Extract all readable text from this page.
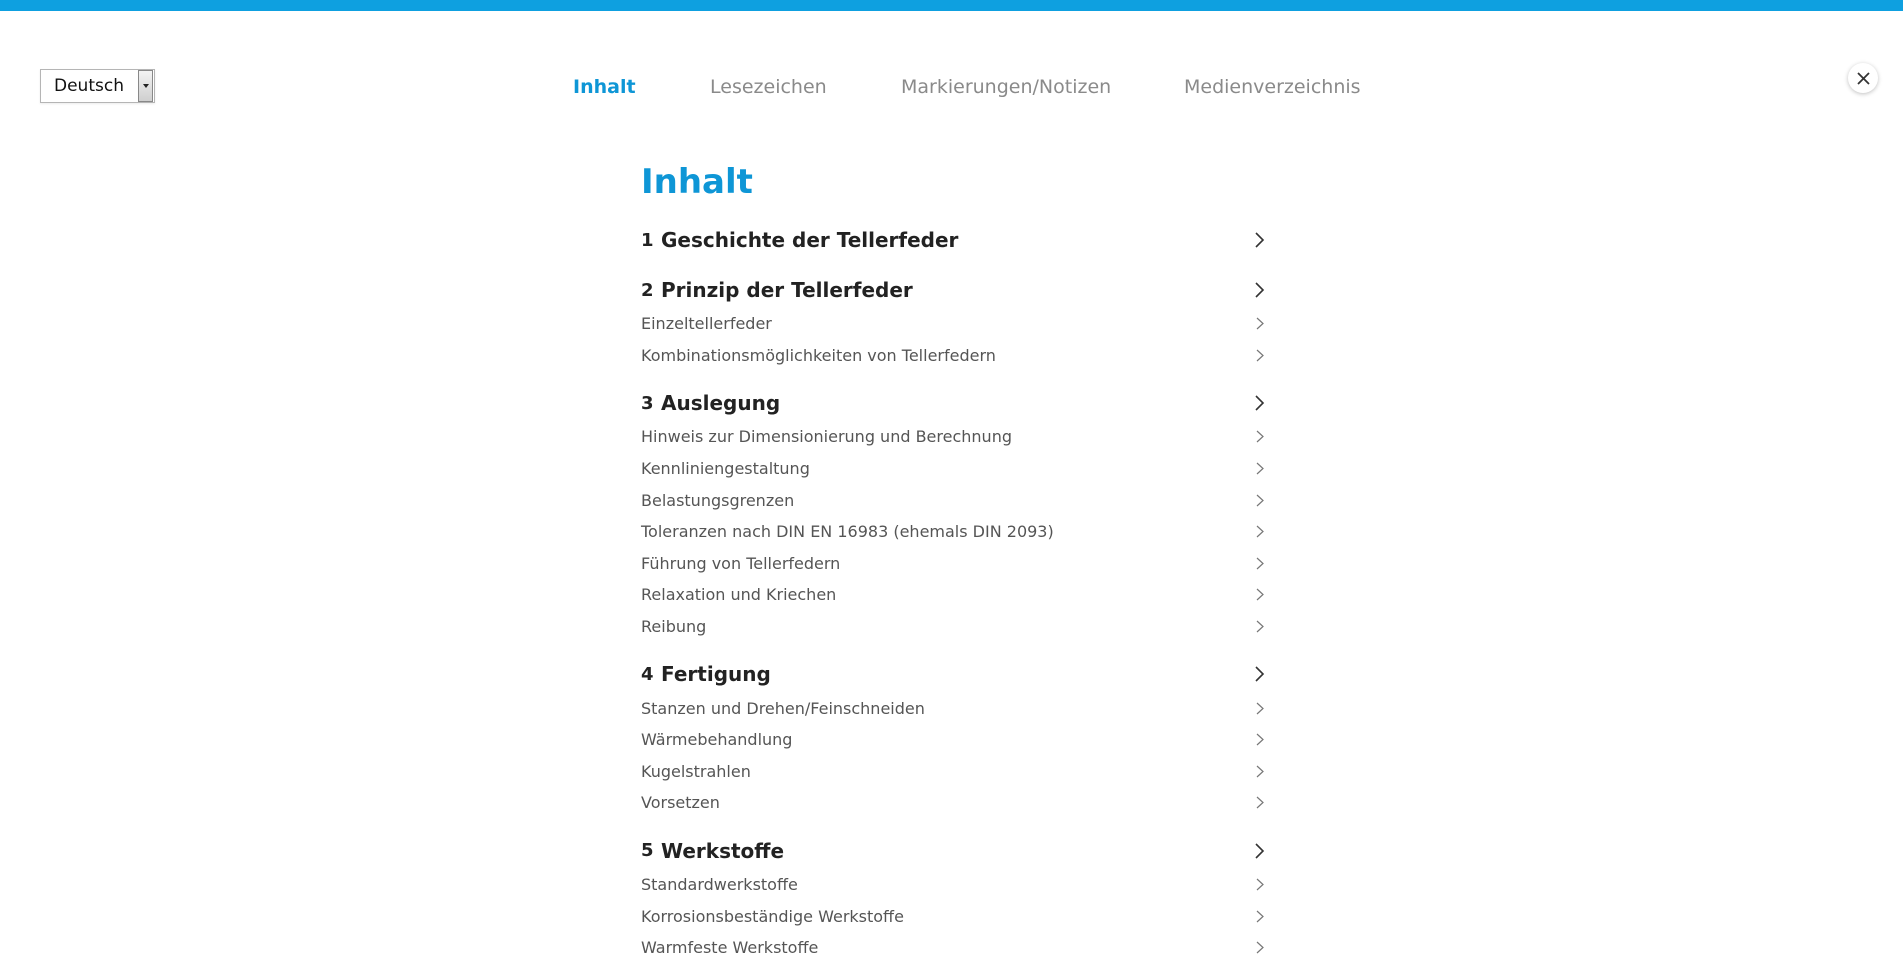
Deutsch	Inhalt	Lesezeichen	Markierungen/Notizen	Medienverzeichnis
Inhalt
1 Geschichte der Tellerfeder
2 Prinzip der Tellerfeder
Einzeltellerfeder
Kombinationsmöglichkeiten von Tellerfedern
3 Auslegung
Hinweis zur Dimensionierung und Berechnung
Kennliniengestaltung
Belastungsgrenzen
Toleranzen nach DIN EN 16983 (ehemals DIN 2093)
Führung von Tellerfedern
Relaxation und Kriechen
Reibung
4 Fertigung
Stanzen und Drehen/Feinschneiden
Wärmebehandlung
Kugelstrahlen
Vorsetzen
5 Werkstoffe
Standardwerkstoffe
Korrosionsbeständige Werkstoffe
Warmfeste Werkstoffe
